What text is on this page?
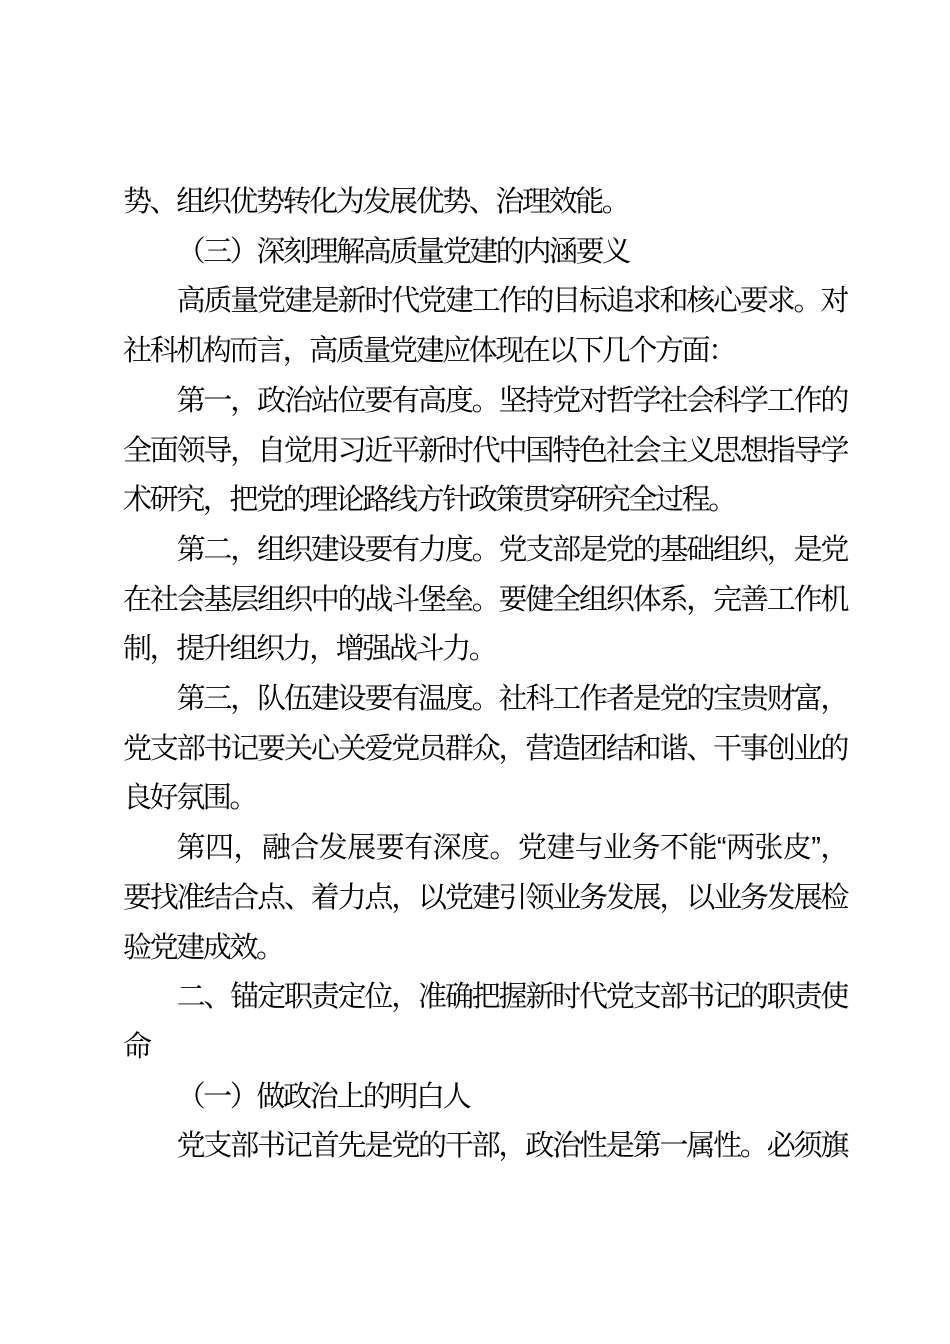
势、组织优势转化为发展优势、治理效能。
（三）深刻理解高质量党建的内涵要义
高质量党建是新时代党建工作的目标追求和核心要求。对
社科机构而言，高质量党建应体现在以下几个方面：
第一，政治站位要有高度。坚持党对哲学社会科学工作的
全面领导，自觉用习近平新时代中国特色社会主义思想指导学
术研究，把党的理论路线方针政策贯穿研究全过程。
第二，组织建设要有力度。党支部是党的基础组织，是党
在社会基层组织中的战斗堡垒。要健全组织体系，完善工作机
制，提升组织力，增强战斗力。
第三，队伍建设要有温度。社科工作者是党的宝贵财富，
党支部书记要关心关爱党员群众，营造团结和谐、干事创业的
良好氛围。
第四，融合发展要有深度。党建与业务不能“两张皮”，
要找准结合点、着力点，以党建引领业务发展，以业务发展检
验党建成效。
二、锚定职责定位，准确把握新时代党支部书记的职责使
命
（一）做政治上的明白人
党支部书记首先是党的干部，政治性是第一属性。必须旗
